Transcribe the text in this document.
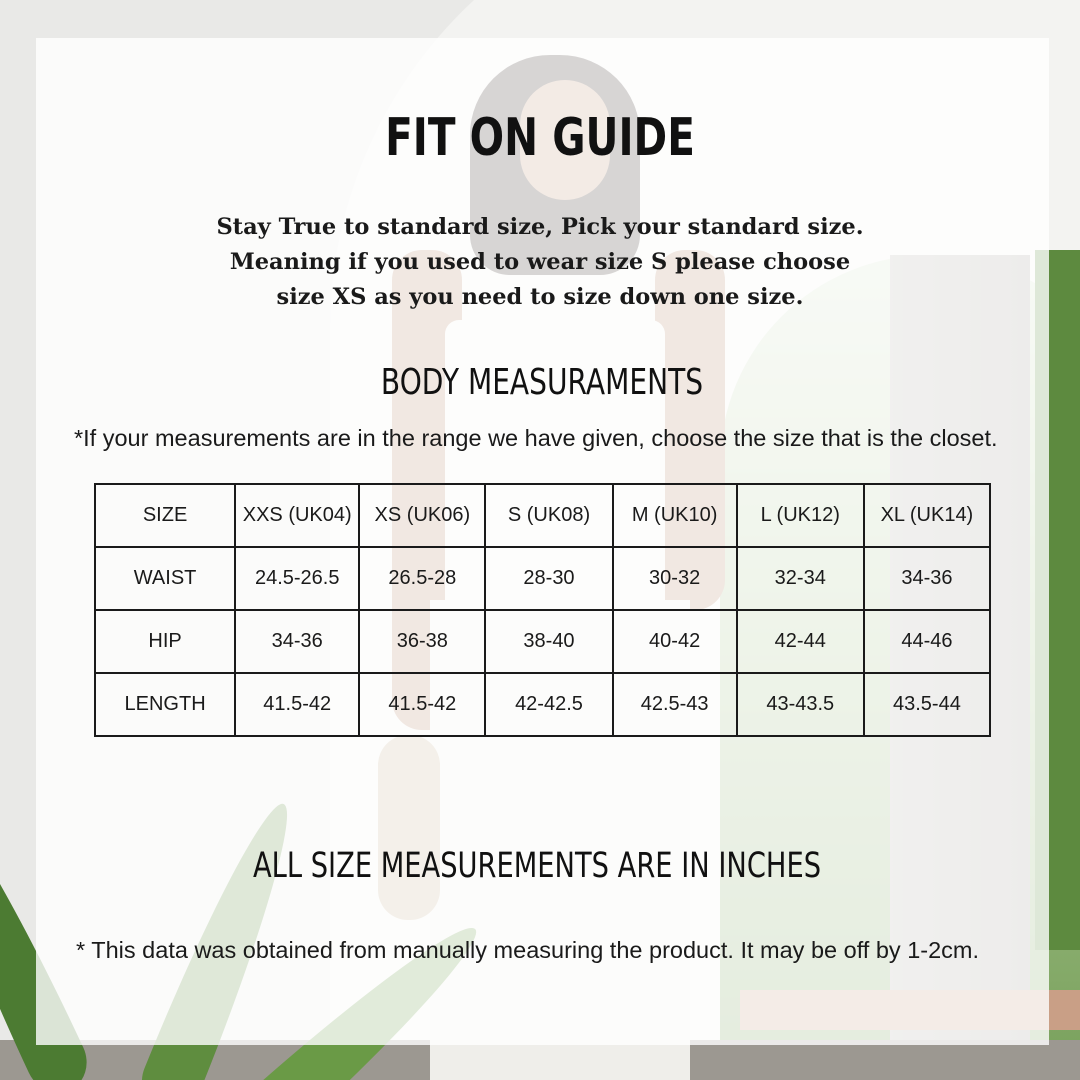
FIT ON GUIDE
Stay True to standard size, Pick your standard size.
Meaning if you used to wear size S please choose
size XS as you need to size down one size.
BODY MEASURAMENTS
*If your measurements are in the range we have given, choose the size that is the closet.
SIZE	XXS (UK04)	XS (UK06)	S (UK08)	M (UK10)	L (UK12)	XL (UK14)
WAIST	24.5-26.5	26.5-28	28-30	30-32	32-34	34-36
HIP	34-36	36-38	38-40	40-42	42-44	44-46
LENGTH	41.5-42	41.5-42	42-42.5	42.5-43	43-43.5	43.5-44
ALL SIZE MEASUREMENTS ARE IN INCHES
* This data was obtained from manually measuring the product. It may be off by 1-2cm.
